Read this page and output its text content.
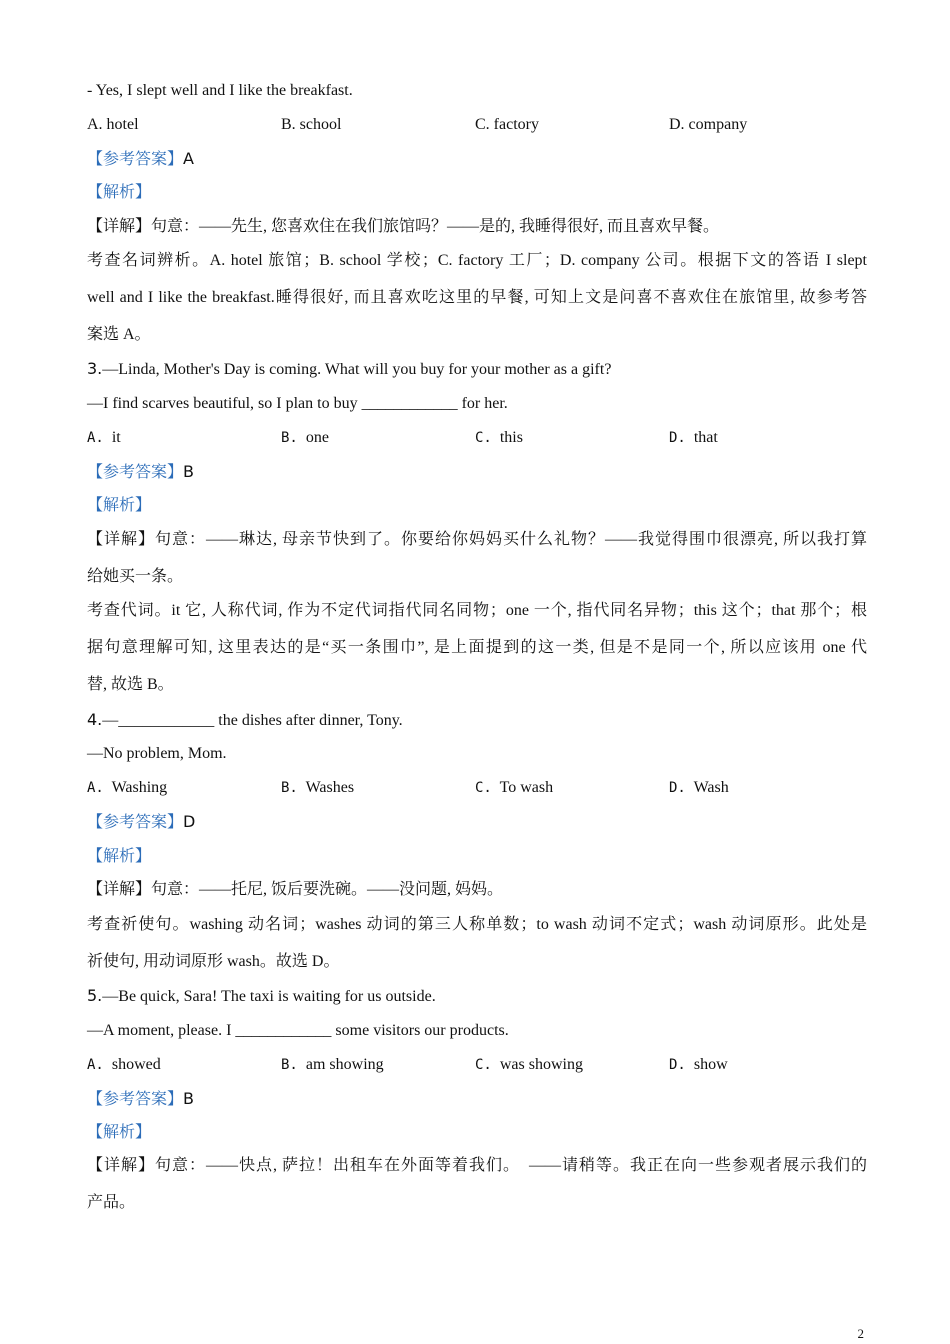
- Yes, I slept well and I like the breakfast.
A. hotel	B. school	C. factory	D. company
【参考答案】A
【解析】
【详解】句意：——先生, 您喜欢住在我们旅馆吗？——是的, 我睡得很好, 而且喜欢早餐。
考查名词辨析。A. hotel 旅馆；B. school 学校；C. factory 工厂；D. company 公司。根据下文的答语 I slept
well and I like the breakfast.睡得很好, 而且喜欢吃这里的早餐, 可知上文是问喜不喜欢住在旅馆里, 故参考答
案选 A。
3.—Linda, Mother's Day is coming. What will you buy for your mother as a gift?
—I find scarves beautiful, so I plan to buy ____________ for her.
A. it	B. one	C. this	D. that
【参考答案】B
【解析】
【详解】句意：——琳达, 母亲节快到了。你要给你妈妈买什么礼物？——我觉得围巾很漂亮, 所以我打算
给她买一条。
考查代词。it 它, 人称代词, 作为不定代词指代同名同物；one 一个, 指代同名异物；this 这个；that 那个；根
据句意理解可知, 这里表达的是“买一条围巾”, 是上面提到的这一类, 但是不是同一个, 所以应该用 one 代
替, 故选 B。
4.—____________ the dishes after dinner, Tony.
—No problem, Mom.
A. Washing	B. Washes	C. To wash	D. Wash
【参考答案】D
【解析】
【详解】句意：——托尼, 饭后要洗碗。——没问题, 妈妈。
考查祈使句。washing 动名词；washes 动词的第三人称单数；to wash 动词不定式；wash 动词原形。此处是
祈使句, 用动词原形 wash。故选 D。
5.—Be quick, Sara! The taxi is waiting for us outside.
—A moment, please. I ____________ some visitors our products.
A. showed	B. am showing	C. was showing	D. show
【参考答案】B
【解析】
【详解】句意：——快点, 萨拉！出租车在外面等着我们。　——请稍等。我正在向一些参观者展示我们的
产品。
2
